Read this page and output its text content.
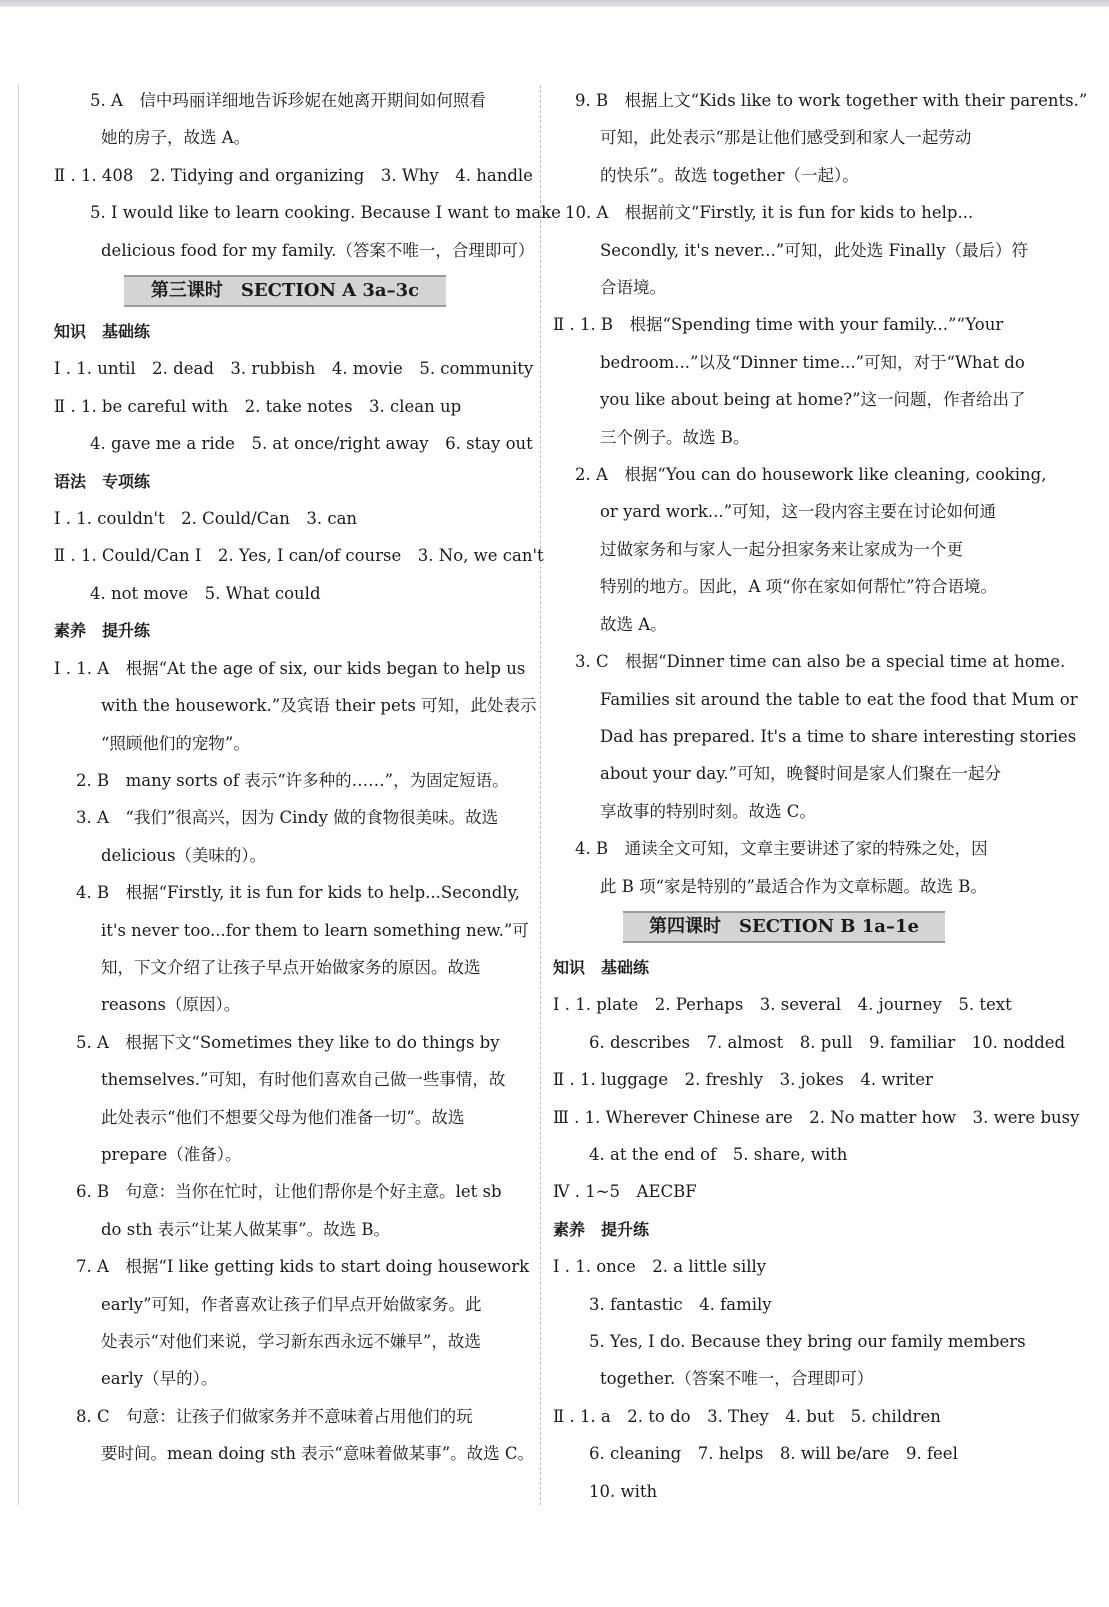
5. A　信中玛丽详细地告诉珍妮在她离开期间如何照看
她的房子，故选 A。
Ⅱ . 1. 408　2. Tidying and organizing　3. Why　4. handle
5. I would like to learn cooking. Because I want to make
delicious food for my family.（答案不唯一，合理即可）
第三课时　SECTION A 3a–3c
知识　基础练
Ⅰ . 1. until　2. dead　3. rubbish　4. movie　5. community
Ⅱ . 1. be careful with　2. take notes　3. clean up
4. gave me a ride　5. at once/right away　6. stay out
语法　专项练
Ⅰ . 1. couldn't　2. Could/Can　3. can
Ⅱ . 1. Could/Can I　2. Yes, I can/of course　3. No, we can't
4. not move　5. What could
素养　提升练
Ⅰ . 1. A　根据“At the age of six, our kids began to help us
with the housework.”及宾语 their pets 可知，此处表示
“照顾他们的宠物”。
2. B　many sorts of 表示“许多种的……”，为固定短语。
3. A　“我们”很高兴，因为 Cindy 做的食物很美味。故选
delicious（美味的）。
4. B　根据“Firstly, it is fun for kids to help...Secondly,
it's never too...for them to learn something new.”可
知，下文介绍了让孩子早点开始做家务的原因。故选
reasons（原因）。
5. A　根据下文“Sometimes they like to do things by
themselves.”可知，有时他们喜欢自己做一些事情，故
此处表示“他们不想要父母为他们准备一切”。故选
prepare（准备）。
6. B　句意：当你在忙时，让他们帮你是个好主意。let sb
do sth 表示“让某人做某事”。故选 B。
7. A　根据“I like getting kids to start doing housework
early”可知，作者喜欢让孩子们早点开始做家务。此
处表示“对他们来说，学习新东西永远不嫌早”，故选
early（早的）。
8. C　句意：让孩子们做家务并不意味着占用他们的玩
要时间。mean doing sth 表示“意味着做某事”。故选 C。
9. B　根据上文“Kids like to work together with their parents.”
可知，此处表示“那是让他们感受到和家人一起劳动
的快乐”。故选 together（一起）。
10. A　根据前文“Firstly, it is fun for kids to help...
Secondly, it's never...”可知，此处选 Finally（最后）符
合语境。
Ⅱ . 1. B　根据“Spending time with your family...”“Your
bedroom...”以及“Dinner time...”可知，对于“What do
you like about being at home?”这一问题，作者给出了
三个例子。故选 B。
2. A　根据“You can do housework like cleaning, cooking,
or yard work...”可知，这一段内容主要在讨论如何通
过做家务和与家人一起分担家务来让家成为一个更
特别的地方。因此，A 项“你在家如何帮忙”符合语境。
故选 A。
3. C　根据“Dinner time can also be a special time at home.
Families sit around the table to eat the food that Mum or
Dad has prepared. It's a time to share interesting stories
about your day.”可知，晚餐时间是家人们聚在一起分
享故事的特别时刻。故选 C。
4. B　通读全文可知，文章主要讲述了家的特殊之处，因
此 B 项“家是特别的”最适合作为文章标题。故选 B。
第四课时　SECTION B 1a–1e
知识　基础练
Ⅰ . 1. plate　2. Perhaps　3. several　4. journey　5. text
6. describes　7. almost　8. pull　9. familiar　10. nodded
Ⅱ . 1. luggage　2. freshly　3. jokes　4. writer
Ⅲ . 1. Wherever Chinese are　2. No matter how　3. were busy
4. at the end of　5. share, with
Ⅳ . 1~5　AECBF
素养　提升练
Ⅰ . 1. once　2. a little silly
3. fantastic　4. family
5. Yes, I do. Because they bring our family members
together.（答案不唯一，合理即可）
Ⅱ . 1. a　2. to do　3. They　4. but　5. children
6. cleaning　7. helps　8. will be/are　9. feel
10. with
